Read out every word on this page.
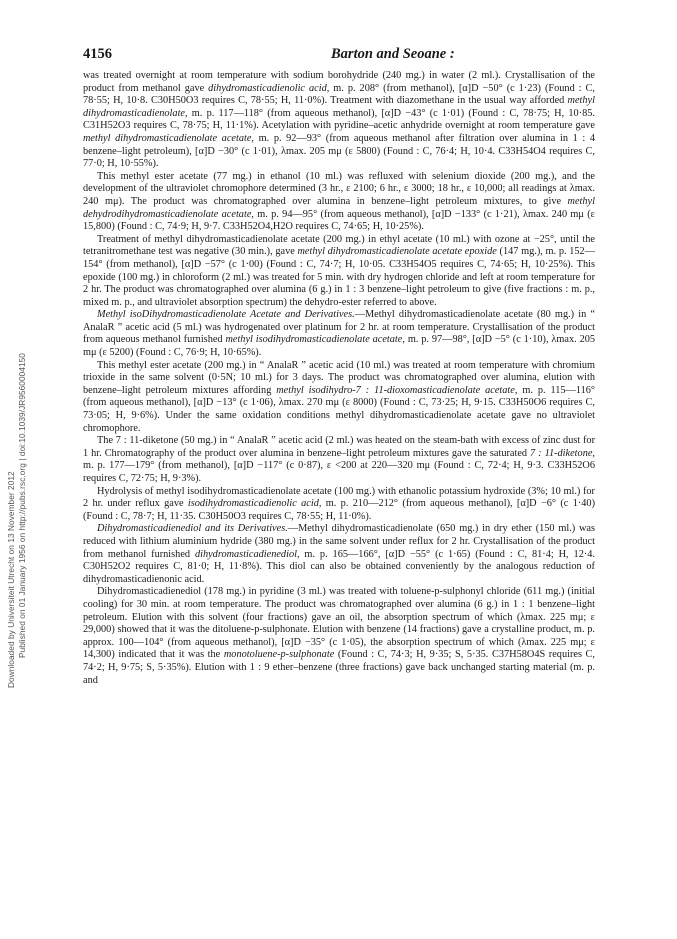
Downloaded by Universiteit Utrecht on 13 November 2012 Published on 01 January 1956 on http://pubs.rsc.org | doi:10.1039/JR9560004150
4156	Barton and Seoane :

was treated overnight at room temperature with sodium borohydride (240 mg.) in water (2 ml.). Crystallisation of the product from methanol gave dihydromasticadienolic acid, m. p. 208° (from methanol), [α]D −50° (c 1·23) (Found : C, 78·55; H, 10·8. C30H50O3 requires C, 78·55; H, 11·0%). Treatment with diazomethane in the usual way afforded methyl dihydromasticadienolate, m. p. 117—118° (from aqueous methanol), [α]D −43° (c 1·01) (Found : C, 78·75; H, 10·85. C31H52O3 requires C, 78·75; H, 11·1%). Acetylation with pyridine–acetic anhydride overnight at room temperature gave methyl dihydromasticadienolate acetate, m. p. 92—93° (from aqueous methanol after filtration over alumina in 1 : 4 benzene–light petroleum), [α]D −30° (c 1·01), λmax. 205 mμ (ε 5800) (Found : C, 76·4; H, 10·4. C33H54O4 requires C, 77·0; H, 10·55%).

This methyl ester acetate (77 mg.) in ethanol (10 ml.) was refluxed with selenium dioxide (200 mg.), and the development of the ultraviolet chromophore determined (3 hr., ε 2100; 6 hr., ε 3000; 18 hr., ε 10,000; all readings at λmax. 240 mμ). The product was chromatographed over alumina in benzene–light petroleum mixtures, to give methyl dehydrodihydromasticadienolate acetate, m. p. 94—95° (from aqueous methanol), [α]D −133° (c 1·21), λmax. 240 mμ (ε 15,800) (Found : C, 74·9; H, 9·7. C33H52O4,H2O requires C, 74·65; H, 10·25%).

Treatment of methyl dihydromasticadienolate acetate (200 mg.) in ethyl acetate (10 ml.) with ozone at −25°, until the tetranitromethane test was negative (30 min.), gave methyl dihydromasticadienolate acetate epoxide (147 mg.), m. p. 152—154° (from methanol), [α]D −57° (c 1·00) (Found : C, 74·7; H, 10·05. C33H54O5 requires C, 74·65; H, 10·25%). This epoxide (100 mg.) in chloroform (2 ml.) was treated for 5 min. with dry hydrogen chloride and left at room temperature for 2 hr. The product was chromatographed over alumina (6 g.) in 1 : 3 benzene–light petroleum to give (five fractions : m. p., mixed m. p., and ultraviolet absorption spectrum) the dehydro-ester referred to above.

Methyl isoDihydromasticadienolate Acetate and Derivatives.—Methyl dihydromasticadienolate acetate (80 mg.) in “ AnalaR ” acetic acid (5 ml.) was hydrogenated over platinum for 2 hr. at room temperature. Crystallisation of the product from aqueous methanol furnished methyl isodihydromasticadienolate acetate, m. p. 97—98°, [α]D −5° (c 1·10), λmax. 205 mμ (ε 5200) (Found : C, 76·9; H, 10·65%).

This methyl ester acetate (200 mg.) in “ AnalaR ” acetic acid (10 ml.) was treated at room temperature with chromium trioxide in the same solvent (0·5N; 10 ml.) for 3 days. The product was chromatographed over alumina, elution with benzene–light petroleum mixtures affording methyl isodihydro-7 : 11-dioxomasticadienolate acetate, m. p. 115—116° (from aqueous methanol), [α]D −13° (c 1·06), λmax. 270 mμ (ε 8000) (Found : C, 73·25; H, 9·15. C33H50O6 requires C, 73·05; H, 9·6%). Under the same oxidation conditions methyl dihydromasticadienolate acetate gave no ultraviolet chromophore.

The 7 : 11-diketone (50 mg.) in “ AnalaR ” acetic acid (2 ml.) was heated on the steam-bath with excess of zinc dust for 1 hr. Chromatography of the product over alumina in benzene–light petroleum mixtures gave the saturated 7 : 11-diketone, m. p. 177—179° (from methanol), [α]D −117° (c 0·87), ε <200 at 220—320 mμ (Found : C, 72·4; H, 9·3. C33H52O6 requires C, 72·75; H, 9·3%).

Hydrolysis of methyl isodihydromasticadienolate acetate (100 mg.) with ethanolic potassium hydroxide (3%; 10 ml.) for 2 hr. under reflux gave isodihydromasticadienolic acid, m. p. 210—212° (from aqueous methanol), [α]D −6° (c 1·40) (Found : C, 78·7; H, 11·35. C30H50O3 requires C, 78·55; H, 11·0%).

Dihydromasticadienediol and its Derivatives.—Methyl dihydromasticadienolate (650 mg.) in dry ether (150 ml.) was reduced with lithium aluminium hydride (380 mg.) in the same solvent under reflux for 2 hr. Crystallisation of the product from methanol furnished dihydromasticadienediol, m. p. 165—166°, [α]D −55° (c 1·65) (Found : C, 81·4; H, 12·4. C30H52O2 requires C, 81·0; H, 11·8%). This diol can also be obtained conveniently by the analogous reduction of dihydromasticadienonic acid.

Dihydromasticadienediol (178 mg.) in pyridine (3 ml.) was treated with toluene-p-sulphonyl chloride (611 mg.) (initial cooling) for 30 min. at room temperature. The product was chromatographed over alumina (6 g.) in 1 : 1 benzene–light petroleum. Elution with this solvent (four fractions) gave an oil, the absorption spectrum of which (λmax. 225 mμ; ε 29,000) showed that it was the ditoluene-p-sulphonate. Elution with benzene (14 fractions) gave a crystalline product, m. p. approx. 100—104° (from aqueous methanol), [α]D −35° (c 1·05), the absorption spectrum of which (λmax. 225 mμ; ε 14,300) indicated that it was the monotoluene-p-sulphonate (Found : C, 74·3; H, 9·35; S, 5·35. C37H58O4S requires C, 74·2; H, 9·75; S, 5·35%). Elution with 1 : 9 ether–benzene (three fractions) gave back unchanged starting material (m. p. and
